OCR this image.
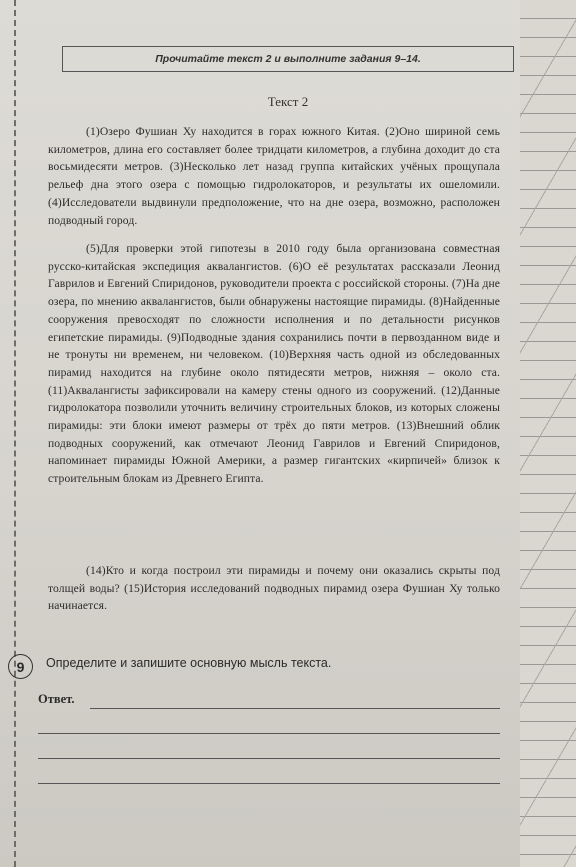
Прочитайте текст 2 и выполните задания 9–14.
Текст 2
(1)Озеро Фушиан Ху находится в горах южного Китая. (2)Оно шириной семь километров, длина его составляет более тридцати километров, а глубина доходит до ста восьмидесяти метров. (3)Несколько лет назад группа китайских учёных прощупала рельеф дна этого озера с помощью гидролокаторов, и результаты их ошеломили. (4)Исследователи выдвинули предположение, что на дне озера, возможно, расположен подводный город.
(5)Для проверки этой гипотезы в 2010 году была организована совместная русско-китайская экспедиция аквалангистов. (6)О её результатах рассказали Леонид Гаврилов и Евгений Спиридонов, руководители проекта с российской стороны. (7)На дне озера, по мнению аквалангистов, были обнаружены настоящие пирамиды. (8)Найденные сооружения превосходят по сложности исполнения и по детальности рисунков египетские пирамиды. (9)Подводные здания сохранились почти в первозданном виде и не тронуты ни временем, ни человеком. (10)Верхняя часть одной из обследованных пирамид находится на глубине около пятидесяти метров, нижняя – около ста. (11)Аквалангисты зафиксировали на камеру стены одного из сооружений. (12)Данные гидролокатора позволили уточнить величину строительных блоков, из которых сложены пирамиды: эти блоки имеют размеры от трёх до пяти метров. (13)Внешний облик подводных сооружений, как отмечают Леонид Гаврилов и Евгений Спиридонов, напоминает пирамиды Южной Америки, а размер гигантских «кирпичей» близок к строительным блокам из Древнего Египта.
(14)Кто и когда построил эти пирамиды и почему они оказались скрыты под толщей воды? (15)История исследований подводных пирамид озера Фушиан Ху только начинается.
9 Определите и запишите основную мысль текста.
Ответ.
